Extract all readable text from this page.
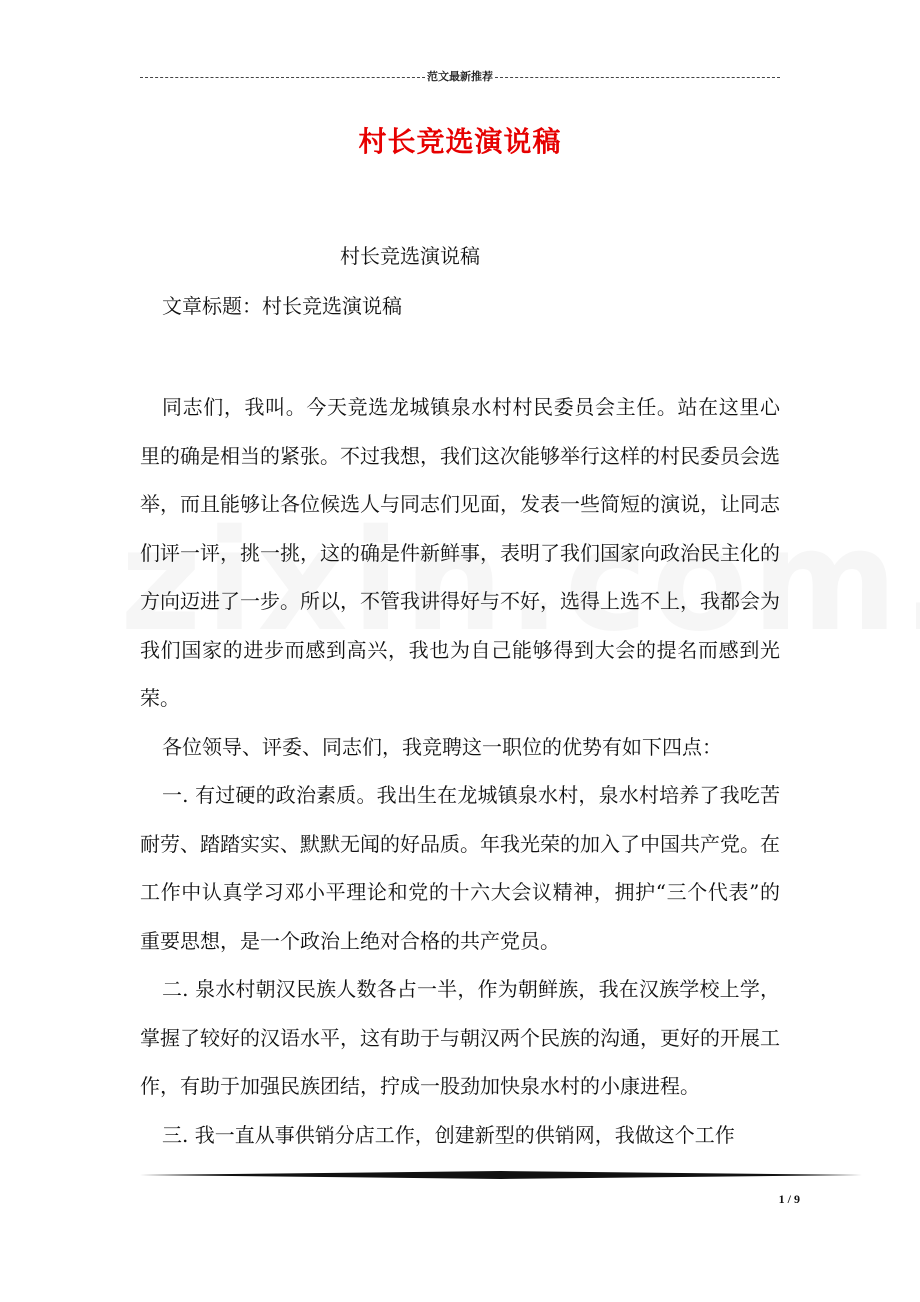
范文最新推荐
村长竞选演说稿
村长竞选演说稿
文章标题：村长竞选演说稿

同志们，我叫。今天竞选龙城镇泉水村村民委员会主任。站在这里心里的确是相当的紧张。不过我想，我们这次能够举行这样的村民委员会选举，而且能够让各位候选人与同志们见面，发表一些简短的演说，让同志们评一评，挑一挑，这的确是件新鲜事，表明了我们国家向政治民主化的方向迈进了一步。所以，不管我讲得好与不好，选得上选不上，我都会为我们国家的进步而感到高兴，我也为自己能够得到大会的提名而感到光荣。

各位领导、评委、同志们，我竞聘这一职位的优势有如下四点：

一. 有过硬的政治素质。我出生在龙城镇泉水村，泉水村培养了我吃苦耐劳、踏踏实实、默默无闻的好品质。年我光荣的加入了中国共产党。在工作中认真学习邓小平理论和党的十六大会议精神，拥护“三个代表”的重要思想，是一个政治上绝对合格的共产党员。

二. 泉水村朝汉民族人数各占一半，作为朝鲜族，我在汉族学校上学，掌握了较好的汉语水平，这有助于与朝汉两个民族的沟通，更好的开展工作，有助于加强民族团结，拧成一股劲加快泉水村的小康进程。

三. 我一直从事供销分店工作，创建新型的供销网，我做这个工作

1 / 9
